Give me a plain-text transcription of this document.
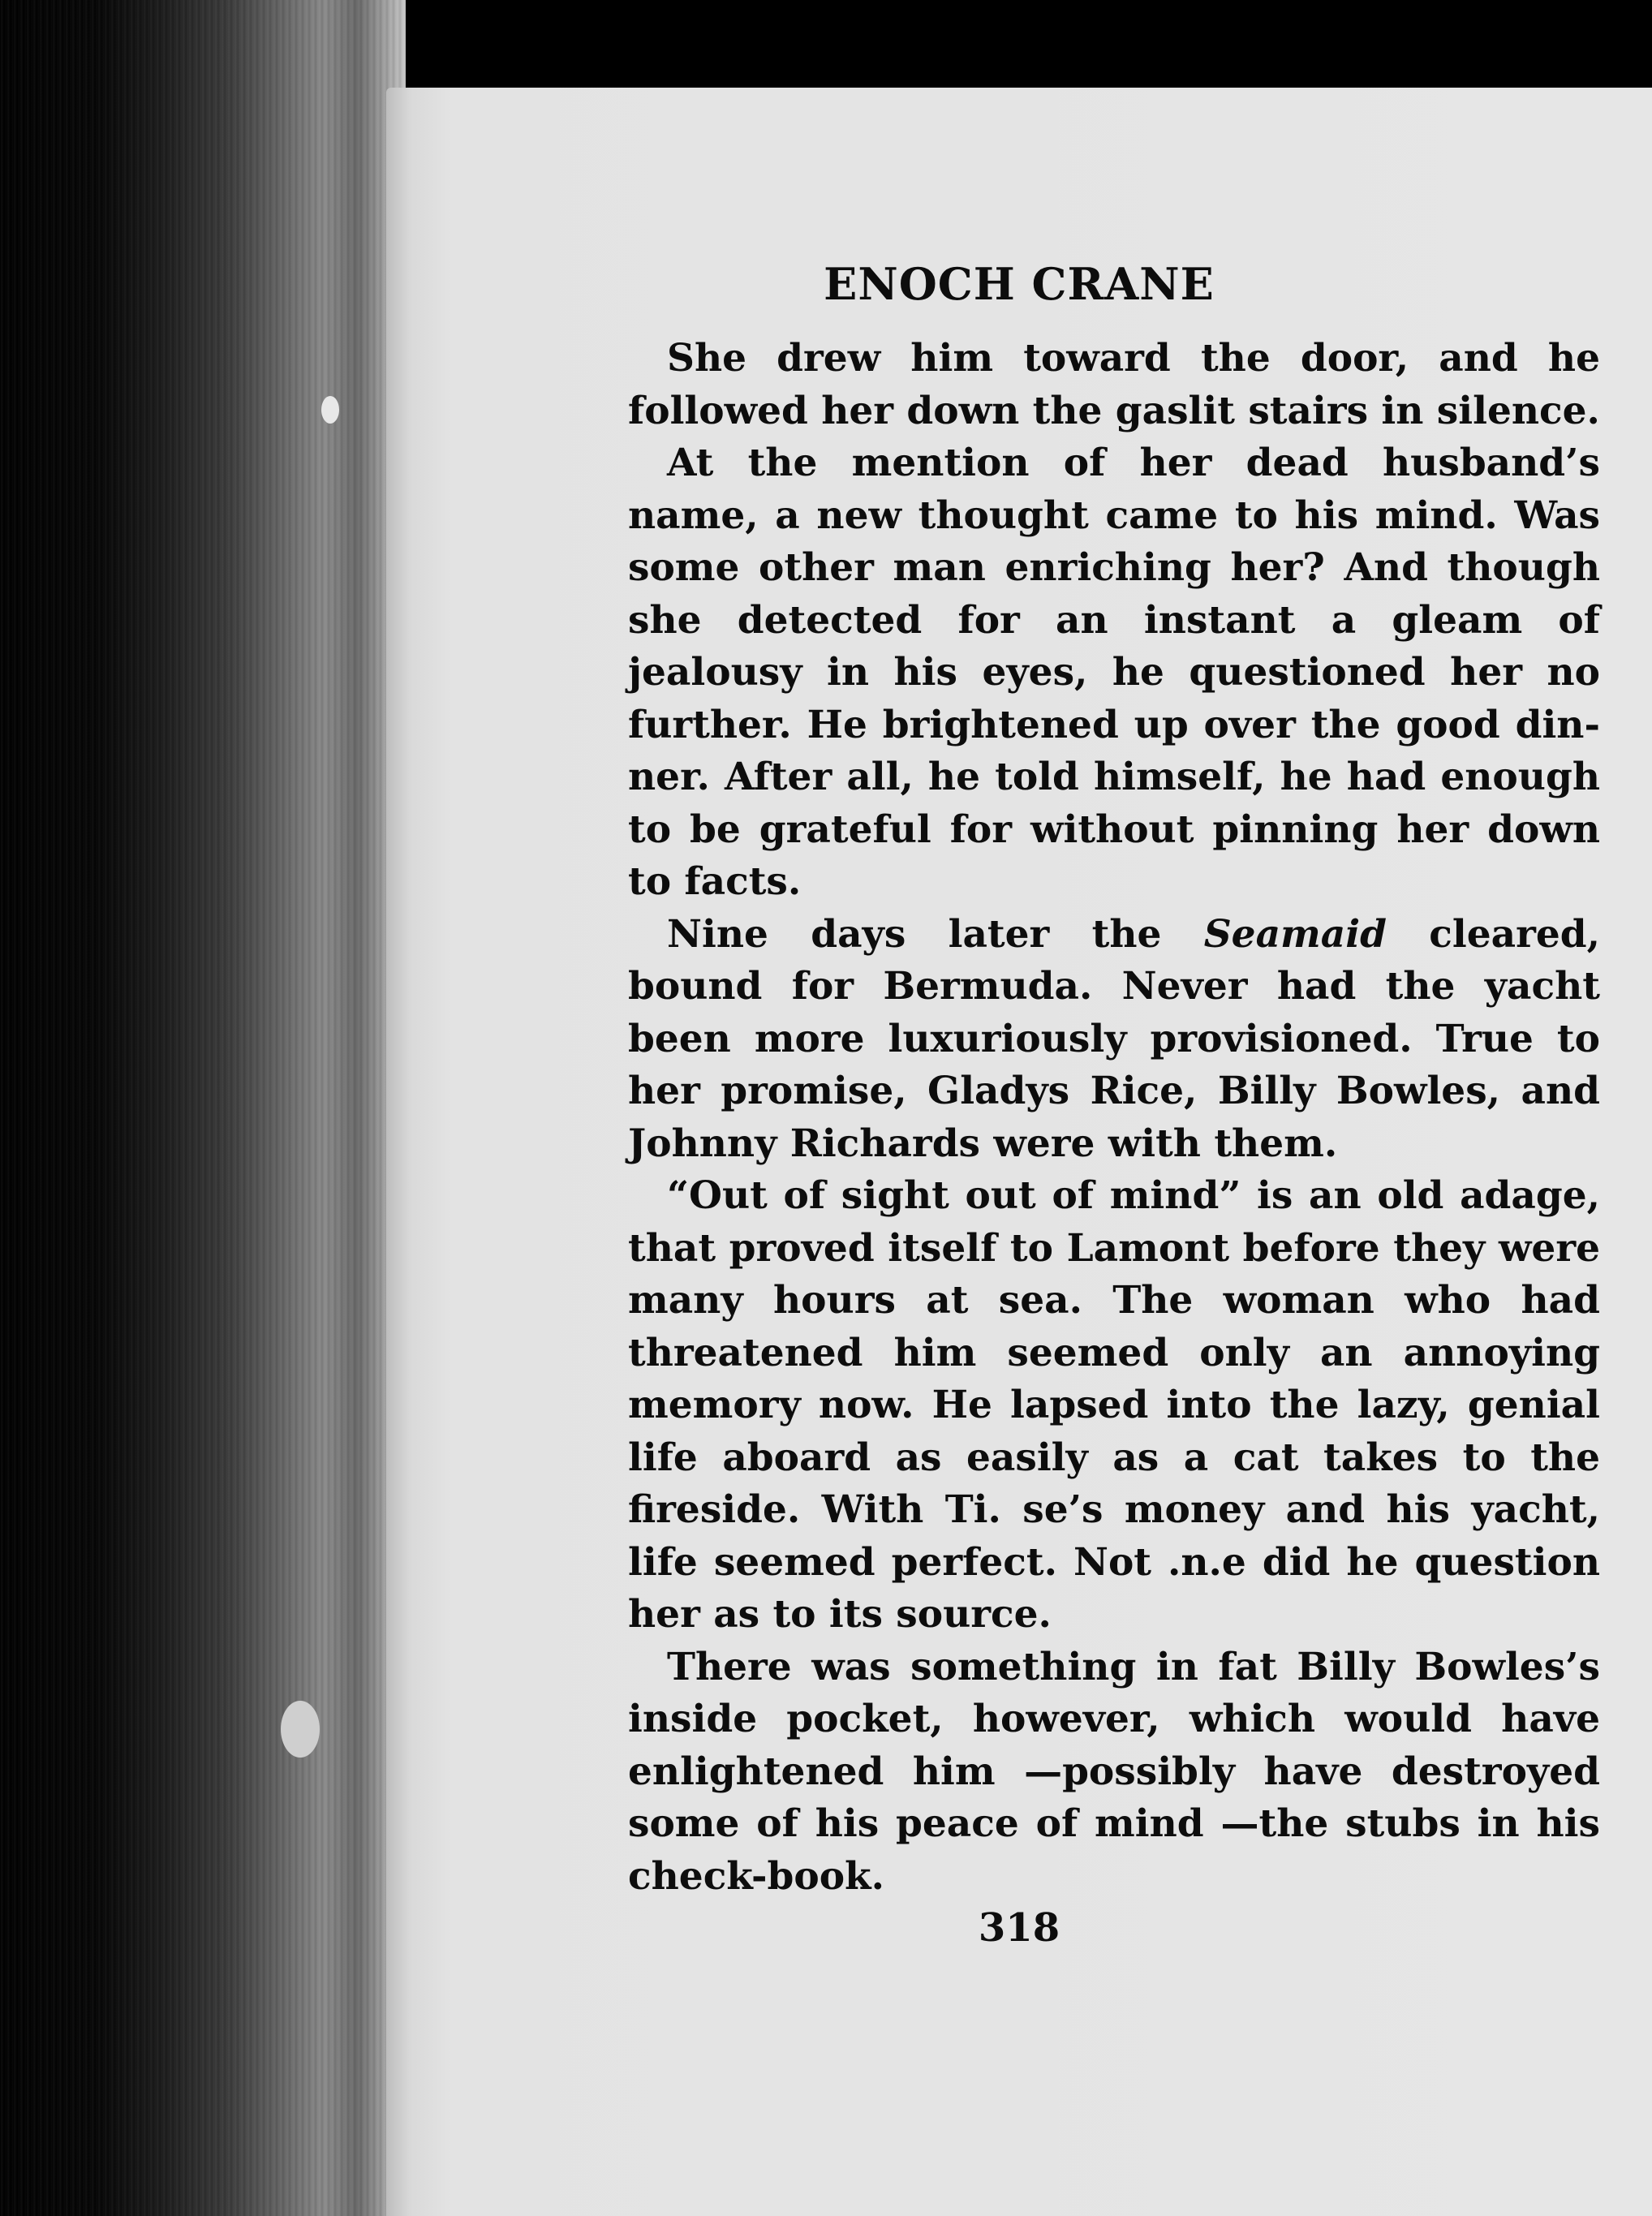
ENOCH CRANE

She drew him toward the door, and he followed her down the gaslit stairs in silence.

At the mention of her dead husband’s name, a new thought came to his mind. Was some other man enriching her? And though she detected for an instant a gleam of jealousy in his eyes, he questioned her no further. He brightened up over the good dinner. After all, he told himself, he had enough to be grateful for without pinning her down to facts.

Nine days later the Seamaid cleared, bound for Bermuda. Never had the yacht been more luxuriously provisioned. True to her promise, Gladys Rice, Billy Bowles, and Johnny Richards were with them.

“Out of sight out of mind” is an old adage, that proved itself to Lamont before they were many hours at sea. The woman who had threatened him seemed only an annoying memory now. He lapsed into the lazy, genial life aboard as easily as a cat takes to the fireside. With Ti. se’s money and his yacht, life seemed perfect. Not .n.e did he question her as to its source.

There was something in fat Billy Bowles’s inside pocket, however, which would have enlightened him —possibly have destroyed some of his peace of mind —the stubs in his check-book.

318
